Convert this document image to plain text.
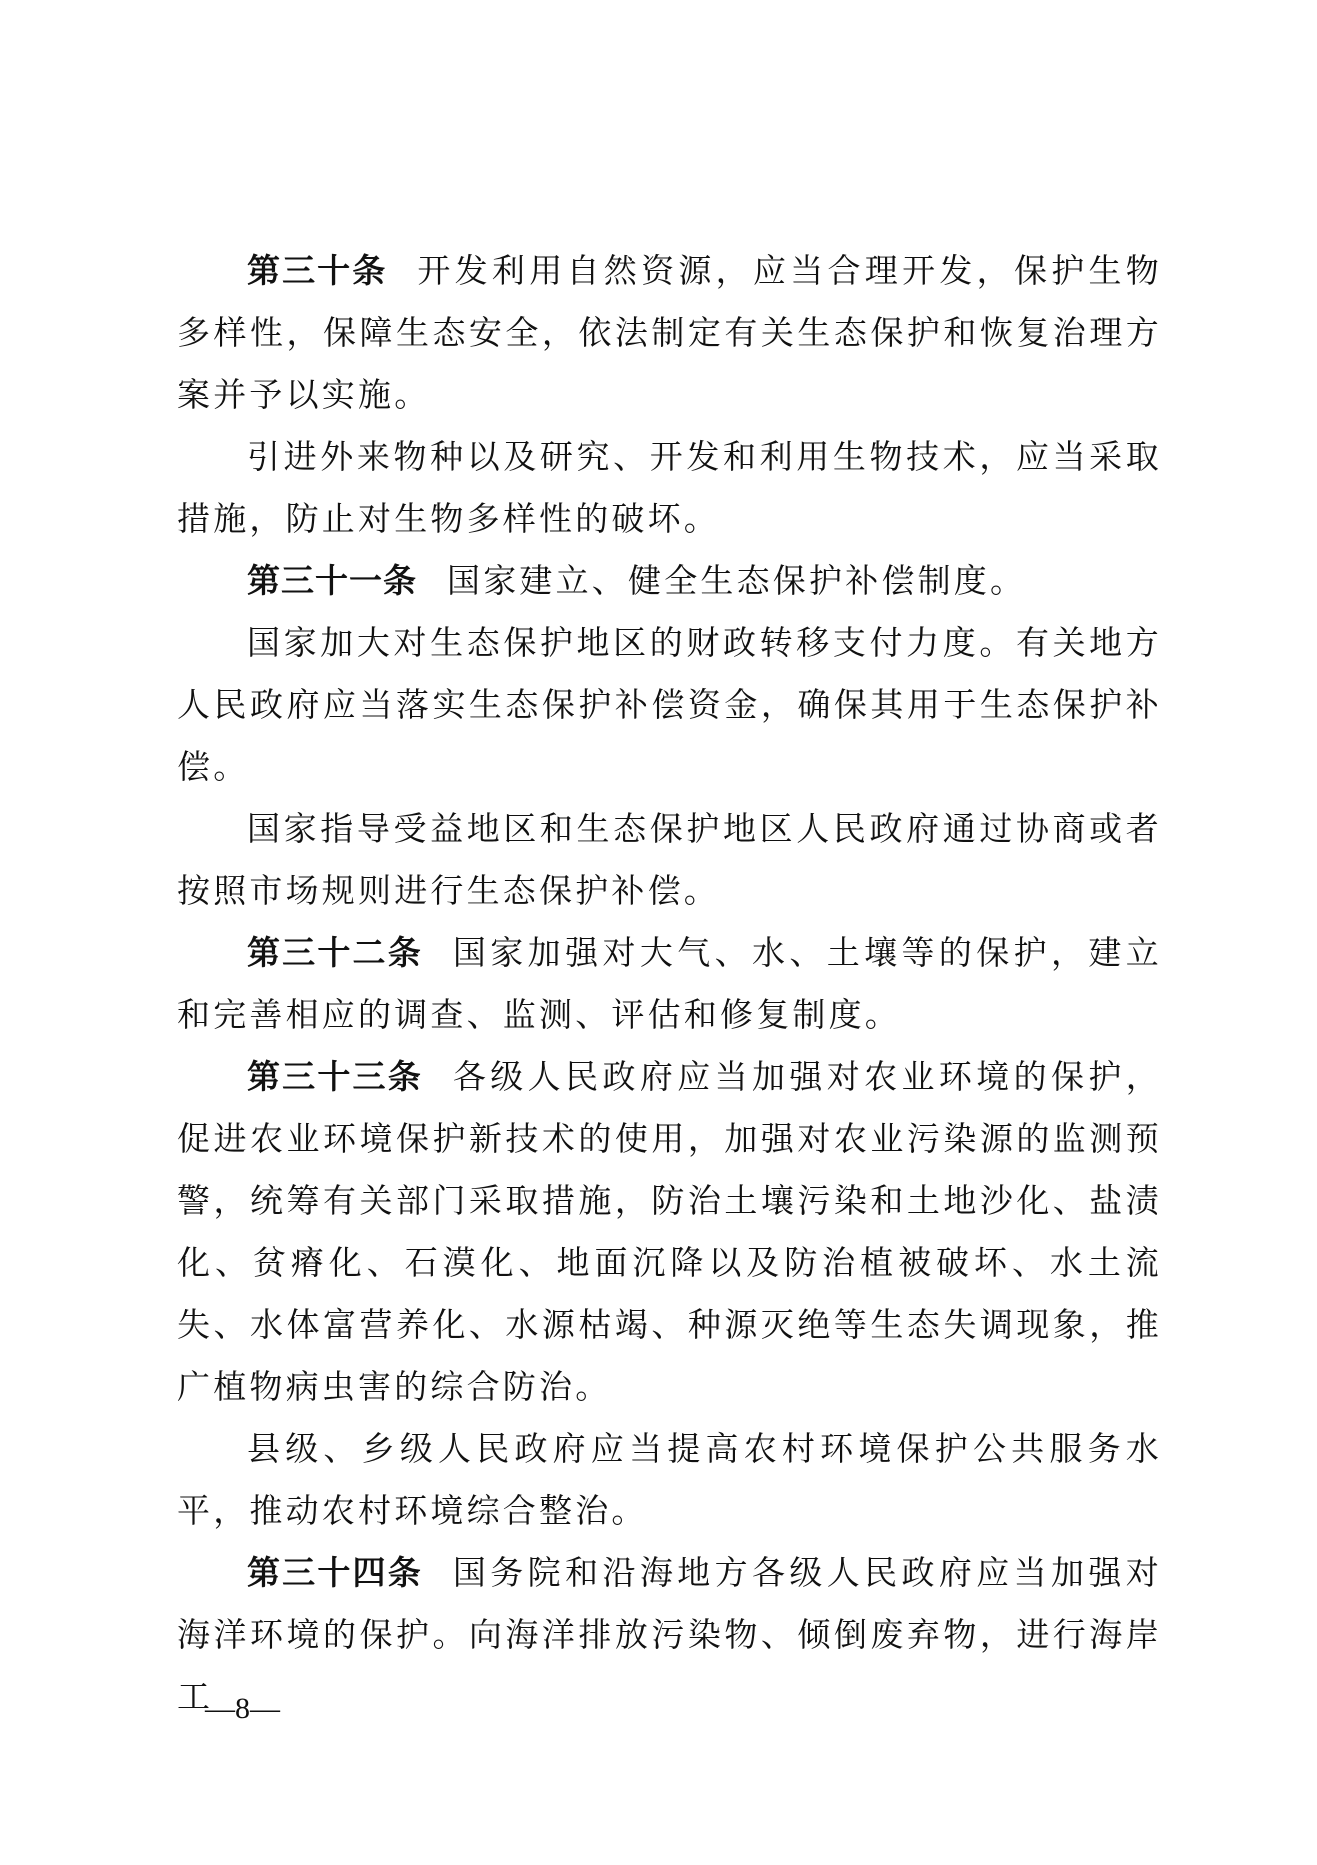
第三十条 开发利用自然资源，应当合理开发，保护生物多样性，保障生态安全，依法制定有关生态保护和恢复治理方案并予以实施。

引进外来物种以及研究、开发和利用生物技术，应当采取措施，防止对生物多样性的破坏。

第三十一条 国家建立、健全生态保护补偿制度。

国家加大对生态保护地区的财政转移支付力度。有关地方人民政府应当落实生态保护补偿资金，确保其用于生态保护补偿。

国家指导受益地区和生态保护地区人民政府通过协商或者按照市场规则进行生态保护补偿。

第三十二条 国家加强对大气、水、土壤等的保护，建立和完善相应的调查、监测、评估和修复制度。

第三十三条 各级人民政府应当加强对农业环境的保护，促进农业环境保护新技术的使用，加强对农业污染源的监测预警，统筹有关部门采取措施，防治土壤污染和土地沙化、盐渍化、贫瘠化、石漠化、地面沉降以及防治植被破坏、水土流失、水体富营养化、水源枯竭、种源灭绝等生态失调现象，推广植物病虫害的综合防治。

县级、乡级人民政府应当提高农村环境保护公共服务水平，推动农村环境综合整治。

第三十四条 国务院和沿海地方各级人民政府应当加强对海洋环境的保护。向海洋排放污染物、倾倒废弃物，进行海岸工

—8—
